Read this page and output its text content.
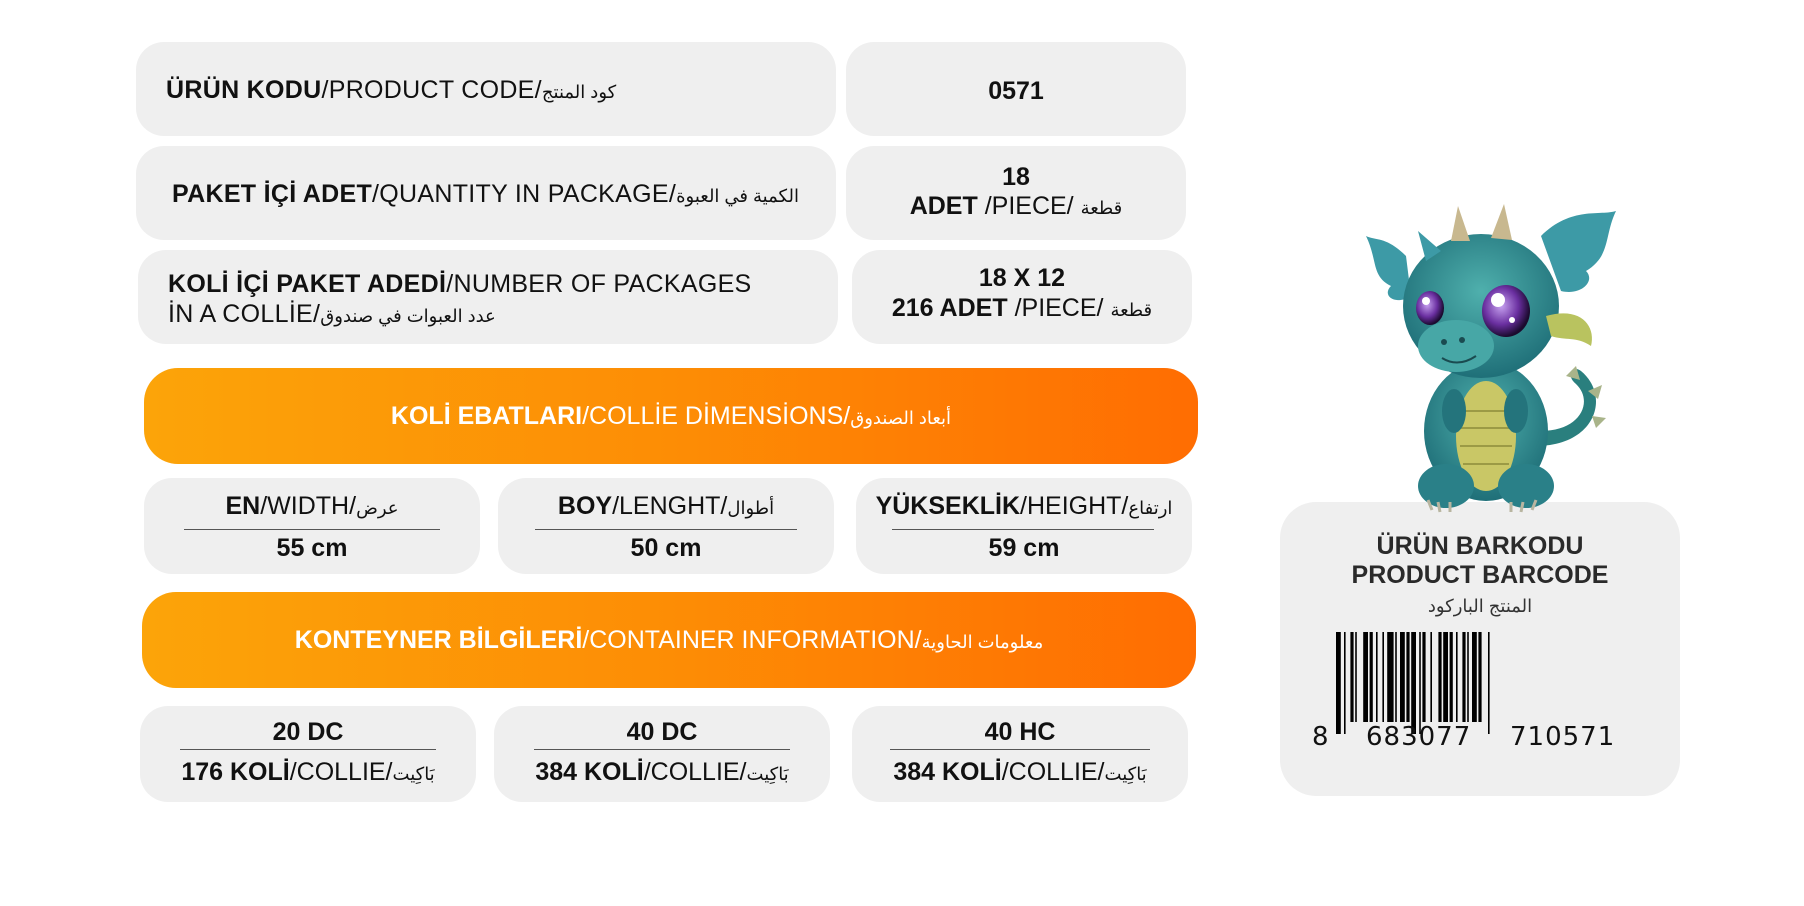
ÜRÜN KODU/PRODUCT CODE/كود المنتج	0571
PAKET İÇİ ADET/QUANTITY IN PACKAGE/الكمية في العبوة
18
ADET /PIECE/ قطعة
KOLİ İÇİ PAKET ADEDİ/NUMBER OF PACKAGES
İN A COLLİE/عدد العبوات في صندوق
18 X 12
216 ADET /PIECE/ قطعة
KOLİ EBATLARI/COLLİE DİMENSİONS/أبعاد الصندوق
EN/WIDTH/عرض
55 cm
BOY/LENGHT/أطوال
50 cm
YÜKSEKLİK/HEIGHT/ارتفاع
59 cm
KONTEYNER BİLGİLERİ/CONTAINER INFORMATION/معلومات الحاوية
20 DC
176 KOLİ/COLLIE/بَاكِيت
40 DC
384 KOLİ/COLLIE/بَاكِيت
40 HC
384 KOLİ/COLLIE/بَاكِيت
ÜRÜN BARKODU
PRODUCT BARCODE
المنتج الباركود
8 683077 710571
